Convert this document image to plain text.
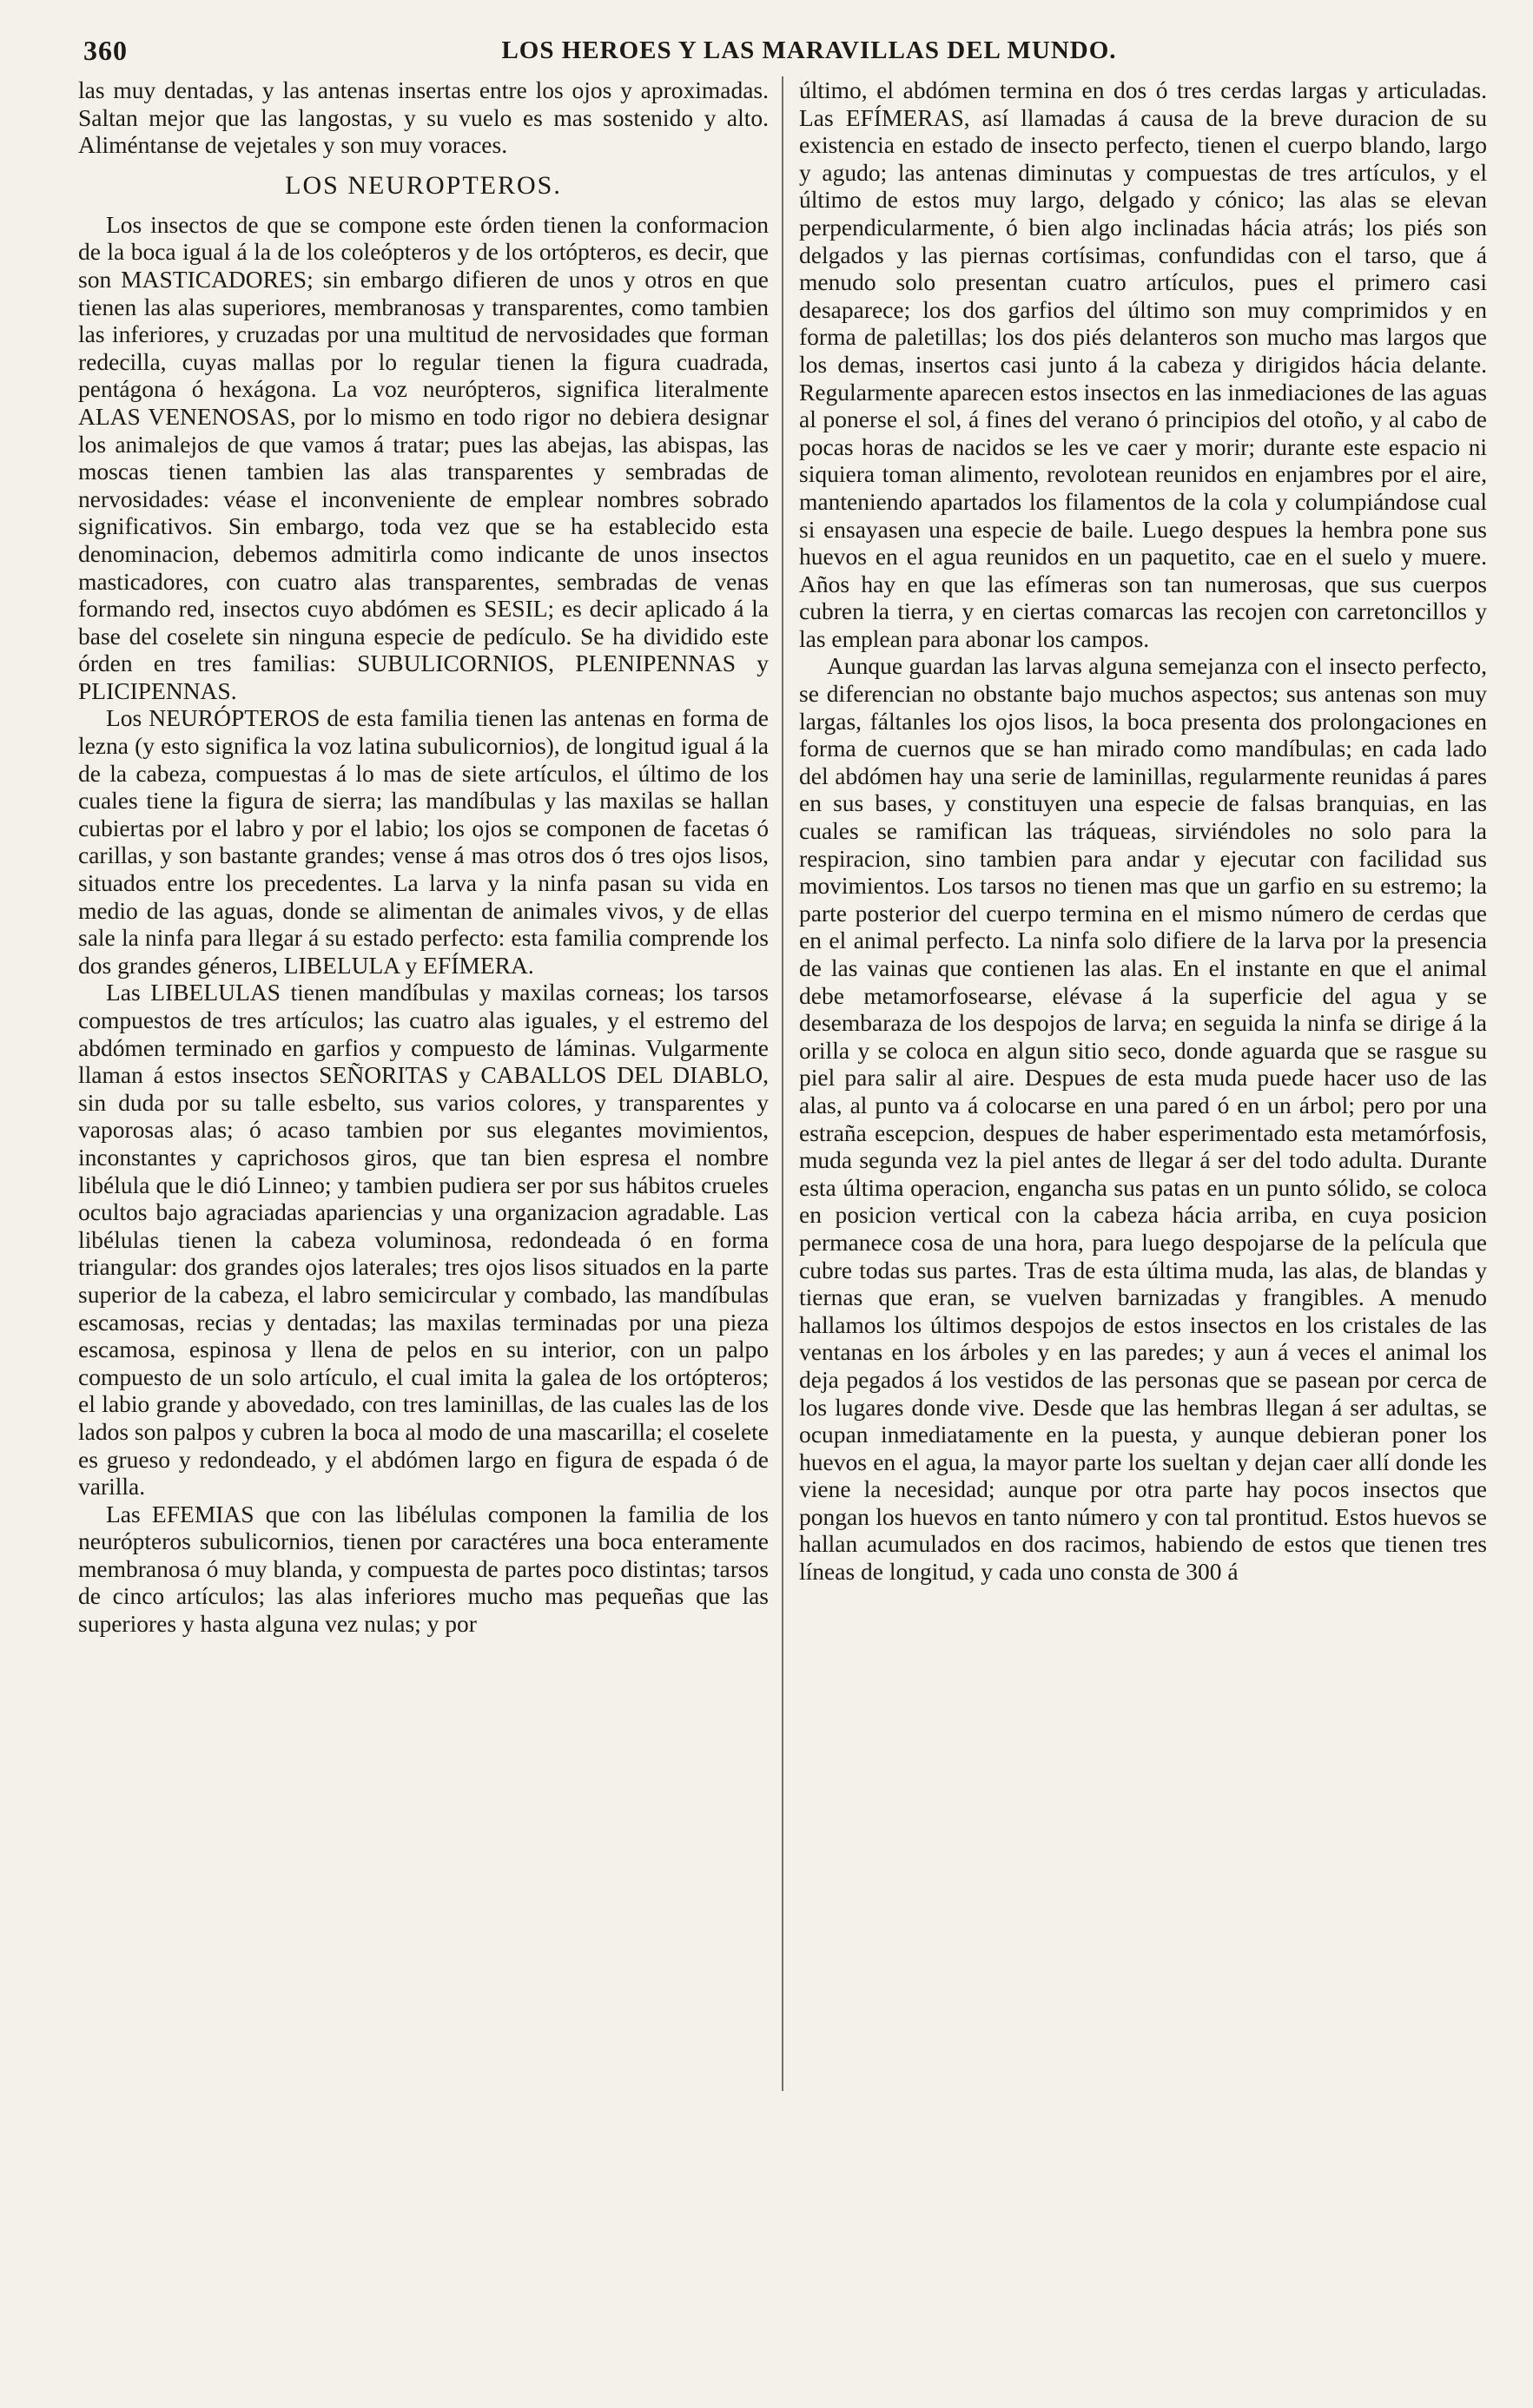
360	LOS HEROES Y LAS MARAVILLAS DEL MUNDO.

las muy dentadas, y las antenas insertas entre los ojos y aproximadas. Saltan mejor que las langostas, y su vuelo es mas sostenido y alto. Aliméntanse de vejetales y son muy voraces.

LOS NEUROPTEROS.

Los insectos de que se compone este órden tienen la conformacion de la boca igual á la de los coleópteros y de los ortópteros, es decir, que son MASTICADORES; sin embargo difieren de unos y otros en que tienen las alas superiores, membranosas y transparentes, como tambien las inferiores, y cruzadas por una multitud de nervosidades que forman redecilla, cuyas mallas por lo regular tienen la figura cuadrada, pentágona ó hexágona. La voz neurópteros, significa literalmente ALAS VENENOSAS, por lo mismo en todo rigor no debiera designar los animalejos de que vamos á tratar; pues las abejas, las abispas, las moscas tienen tambien las alas transparentes y sembradas de nervosidades: véase el inconveniente de emplear nombres sobrado significativos. Sin embargo, toda vez que se ha establecido esta denominacion, debemos admitirla como indicante de unos insectos masticadores, con cuatro alas transparentes, sembradas de venas formando red, insectos cuyo abdómen es SESIL; es decir aplicado á la base del coselete sin ninguna especie de pedículo. Se ha dividido este órden en tres familias: SUBULICORNIOS, PLENIPENNAS y PLICIPENNAS.

Los NEURÓPTEROS de esta familia tienen las antenas en forma de lezna (y esto significa la voz latina subulicornios), de longitud igual á la de la cabeza, compuestas á lo mas de siete artículos, el último de los cuales tiene la figura de sierra; las mandíbulas y las maxilas se hallan cubiertas por el labro y por el labio; los ojos se componen de facetas ó carillas, y son bastante grandes; vense á mas otros dos ó tres ojos lisos, situados entre los precedentes. La larva y la ninfa pasan su vida en medio de las aguas, donde se alimentan de animales vivos, y de ellas sale la ninfa para llegar á su estado perfecto: esta familia comprende los dos grandes géneros, LIBELULA y EFÍMERA.

Las LIBELULAS tienen mandíbulas y maxilas corneas; los tarsos compuestos de tres artículos; las cuatro alas iguales, y el estremo del abdómen terminado en garfios y compuesto de láminas. Vulgarmente llaman á estos insectos SEÑORITAS y CABALLOS DEL DIABLO, sin duda por su talle esbelto, sus varios colores, y transparentes y vaporosas alas; ó acaso tambien por sus elegantes movimientos, inconstantes y caprichosos giros, que tan bien espresa el nombre libélula que le dió Linneo; y tambien pudiera ser por sus hábitos crueles ocultos bajo agraciadas apariencias y una organizacion agradable. Las libélulas tienen la cabeza voluminosa, redondeada ó en forma triangular: dos grandes ojos laterales; tres ojos lisos situados en la parte superior de la cabeza, el labro semicircular y combado, las mandíbulas escamosas, recias y dentadas; las maxilas terminadas por una pieza escamosa, espinosa y llena de pelos en su interior, con un palpo compuesto de un solo artículo, el cual imita la galea de los ortópteros; el labio grande y abovedado, con tres laminillas, de las cuales las de los lados son palpos y cubren la boca al modo de una mascarilla; el coselete es grueso y redondeado, y el abdómen largo en figura de espada ó de varilla.

Las EFEMIAS que con las libélulas componen la familia de los neurópteros subulicornios, tienen por caractéres una boca enteramente membranosa ó muy blanda, y compuesta de partes poco distintas; tarsos de cinco artículos; las alas inferiores mucho mas pequeñas que las superiores y hasta alguna vez nulas; y por

último, el abdómen termina en dos ó tres cerdas largas y articuladas. Las EFÍMERAS, así llamadas á causa de la breve duracion de su existencia en estado de insecto perfecto, tienen el cuerpo blando, largo y agudo; las antenas diminutas y compuestas de tres artículos, y el último de estos muy largo, delgado y cónico; las alas se elevan perpendicularmente, ó bien algo inclinadas hácia atrás; los piés son delgados y las piernas cortísimas, confundidas con el tarso, que á menudo solo presentan cuatro artículos, pues el primero casi desaparece; los dos garfios del último son muy comprimidos y en forma de paletillas; los dos piés delanteros son mucho mas largos que los demas, insertos casi junto á la cabeza y dirigidos hácia delante. Regularmente aparecen estos insectos en las inmediaciones de las aguas al ponerse el sol, á fines del verano ó principios del otoño, y al cabo de pocas horas de nacidos se les ve caer y morir; durante este espacio ni siquiera toman alimento, revolotean reunidos en enjambres por el aire, manteniendo apartados los filamentos de la cola y columpiándose cual si ensayasen una especie de baile. Luego despues la hembra pone sus huevos en el agua reunidos en un paquetito, cae en el suelo y muere. Años hay en que las efímeras son tan numerosas, que sus cuerpos cubren la tierra, y en ciertas comarcas las recojen con carretoncillos y las emplean para abonar los campos.

Aunque guardan las larvas alguna semejanza con el insecto perfecto, se diferencian no obstante bajo muchos aspectos; sus antenas son muy largas, fáltanles los ojos lisos, la boca presenta dos prolongaciones en forma de cuernos que se han mirado como mandíbulas; en cada lado del abdómen hay una serie de laminillas, regularmente reunidas á pares en sus bases, y constituyen una especie de falsas branquias, en las cuales se ramifican las tráqueas, sirviéndoles no solo para la respiracion, sino tambien para andar y ejecutar con facilidad sus movimientos. Los tarsos no tienen mas que un garfio en su estremo; la parte posterior del cuerpo termina en el mismo número de cerdas que en el animal perfecto. La ninfa solo difiere de la larva por la presencia de las vainas que contienen las alas. En el instante en que el animal debe metamorfosearse, elévase á la superficie del agua y se desembaraza de los despojos de larva; en seguida la ninfa se dirige á la orilla y se coloca en algun sitio seco, donde aguarda que se rasgue su piel para salir al aire. Despues de esta muda puede hacer uso de las alas, al punto va á colocarse en una pared ó en un árbol; pero por una estraña escepcion, despues de haber esperimentado esta metamórfosis, muda segunda vez la piel antes de llegar á ser del todo adulta. Durante esta última operacion, engancha sus patas en un punto sólido, se coloca en posicion vertical con la cabeza hácia arriba, en cuya posicion permanece cosa de una hora, para luego despojarse de la película que cubre todas sus partes. Tras de esta última muda, las alas, de blandas y tiernas que eran, se vuelven barnizadas y frangibles. A menudo hallamos los últimos despojos de estos insectos en los cristales de las ventanas en los árboles y en las paredes; y aun á veces el animal los deja pegados á los vestidos de las personas que se pasean por cerca de los lugares donde vive. Desde que las hembras llegan á ser adultas, se ocupan inmediatamente en la puesta, y aunque debieran poner los huevos en el agua, la mayor parte los sueltan y dejan caer allí donde les viene la necesidad; aunque por otra parte hay pocos insectos que pongan los huevos en tanto número y con tal prontitud. Estos huevos se hallan acumulados en dos racimos, habiendo de estos que tienen tres líneas de longitud, y cada uno consta de 300 á
